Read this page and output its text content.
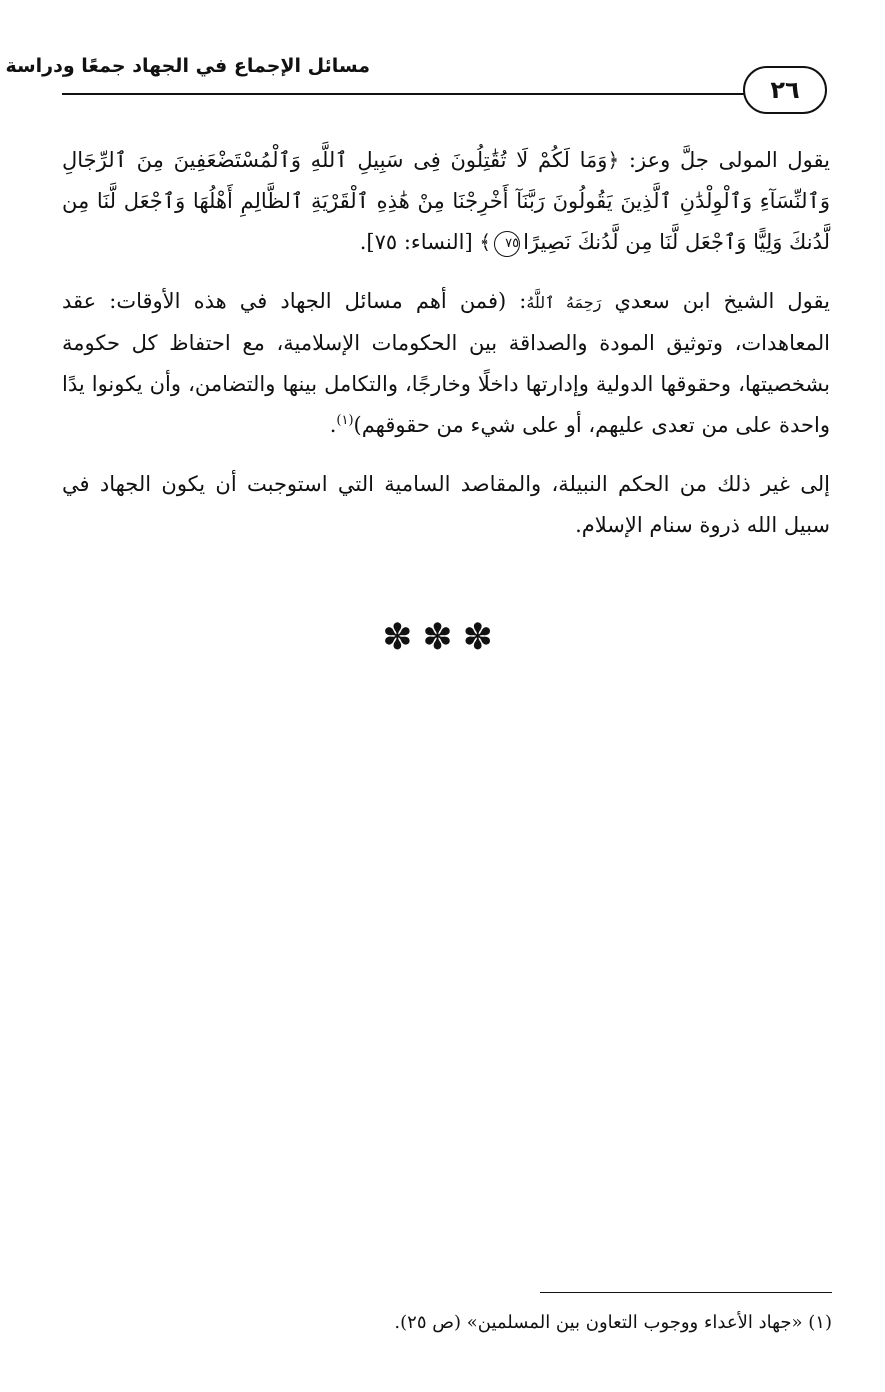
مسائل الإجماع في الجهاد جمعًا ودراسة
٢٦

يقول المولى جلَّ وعز: ﴿وَمَا لَكُمْ لَا تُقَٰتِلُونَ فِى سَبِيلِ ٱللَّهِ وَٱلْمُسْتَضْعَفِينَ مِنَ ٱلرِّجَالِ وَٱلنِّسَآءِ وَٱلْوِلْدَٰنِ ٱلَّذِينَ يَقُولُونَ رَبَّنَآ أَخْرِجْنَا مِنْ هَٰذِهِ ٱلْقَرْيَةِ ٱلظَّالِمِ أَهْلُهَا وَٱجْعَل لَّنَا مِن لَّدُنكَ وَلِيًّا وَٱجْعَل لَّنَا مِن لَّدُنكَ نَصِيرًا٧٥﴾ [النساء: ٧٥].

يقول الشيخ ابن سعدي رَحِمَهُ ٱللَّهُ: (فمن أهم مسائل الجهاد في هذه الأوقات: عقد المعاهدات، وتوثيق المودة والصداقة بين الحكومات الإسلامية، مع احتفاظ كل حكومة بشخصيتها، وحقوقها الدولية وإدارتها داخلًا وخارجًا، والتكامل بينها والتضامن، وأن يكونوا يدًا واحدة على من تعدى عليهم، أو على شيء من حقوقهم)$^{(١)}$.

إلى غير ذلك من الحكم النبيلة، والمقاصد السامية التي استوجبت أن يكون الجهاد في سبيل الله ذروة سنام الإسلام.

✽✽✽
(١) «جهاد الأعداء ووجوب التعاون بين المسلمين» (ص ٢٥).
